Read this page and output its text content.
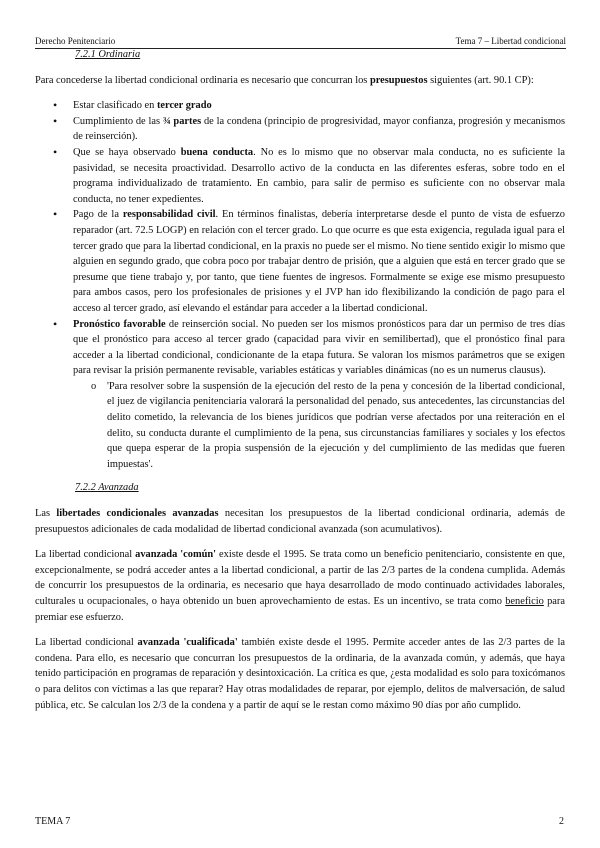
Derecho Penitenciario	Tema 7 – Libertad condicional
7.2.1 Ordinaria

Para concederse la libertad condicional ordinaria es necesario que concurran los presupuestos siguientes (art. 90.1 CP):

• Estar clasificado en tercer grado
• Cumplimiento de las ¾ partes de la condena (principio de progresividad, mayor confianza, progresión y mecanismos de reinserción).
• Que se haya observado buena conducta. No es lo mismo que no observar mala conducta, no es suficiente la pasividad, se necesita proactividad. Desarrollo activo de la conducta en las diferentes esferas, sobre todo en el programa individualizado de tratamiento. En cambio, para salir de permiso es suficiente con no observar mala conducta, no tener expedientes.
• Pago de la responsabilidad civil. En términos finalistas, debería interpretarse desde el punto de vista de esfuerzo reparador (art. 72.5 LOGP) en relación con el tercer grado. Lo que ocurre es que esta exigencia, regulada igual para el tercer grado que para la libertad condicional, en la praxis no puede ser el mismo. No tiene sentido exigir lo mismo que alguien en segundo grado, que cobra poco por trabajar dentro de prisión, que a alguien que está en tercer grado que se presume que tiene trabajo y, por tanto, que tiene fuentes de ingresos. Formalmente se exige ese mismo presupuesto para ambos casos, pero los profesionales de prisiones y el JVP han ido flexibilizando la condición de pago para el acceso al tercer grado, así elevando el estándar para acceder a la libertad condicional.
• Pronóstico favorable de reinserción social. No pueden ser los mismos pronósticos para dar un permiso de tres días que el pronóstico para acceso al tercer grado (capacidad para vivir en semilibertad), que el pronóstico final para acceder a la libertad condicional, condicionante de la etapa futura. Se valoran los mismos parámetros que se exigen para revisar la prisión permanente revisable, variables estáticas y variables dinámicas (no es un numerus clausus).
o 'Para resolver sobre la suspensión de la ejecución del resto de la pena y concesión de la libertad condicional, el juez de vigilancia penitenciaria valorará la personalidad del penado, sus antecedentes, las circunstancias del delito cometido, la relevancia de los bienes jurídicos que podrían verse afectados por una reiteración en el delito, su conducta durante el cumplimiento de la pena, sus circunstancias familiares y sociales y los efectos que quepa esperar de la propia suspensión de la ejecución y del cumplimiento de las medidas que fueren impuestas'.
7.2.2 Avanzada

Las libertades condicionales avanzadas necesitan los presupuestos de la libertad condicional ordinaria, además de presupuestos adicionales de cada modalidad de libertad condicional avanzada (son acumulativos).

La libertad condicional avanzada 'común' existe desde el 1995. Se trata como un beneficio penitenciario, consistente en que, excepcionalmente, se podrá acceder antes a la libertad condicional, a partir de las 2/3 partes de la condena cumplida. Además de concurrir los presupuestos de la ordinaria, es necesario que haya desarrollado de modo continuado actividades laborales, culturales u ocupacionales, o haya obtenido un buen aprovechamiento de estas. Es un incentivo, se trata como beneficio para premiar ese esfuerzo.

La libertad condicional avanzada 'cualificada' también existe desde el 1995. Permite acceder antes de las 2/3 partes de la condena. Para ello, es necesario que concurran los presupuestos de la ordinaria, de la avanzada común, y además, que haya tenido participación en programas de reparación y desintoxicación. La crítica es que, ¿esta modalidad es solo para toxicómanos o para delitos con víctimas a las que reparar? Hay otras modalidades de reparar, por ejemplo, delitos de malversación, de salud pública, etc. Se calculan los 2/3 de la condena y a partir de aquí se le restan como máximo 90 días por año cumplido.

TEMA 7	2
